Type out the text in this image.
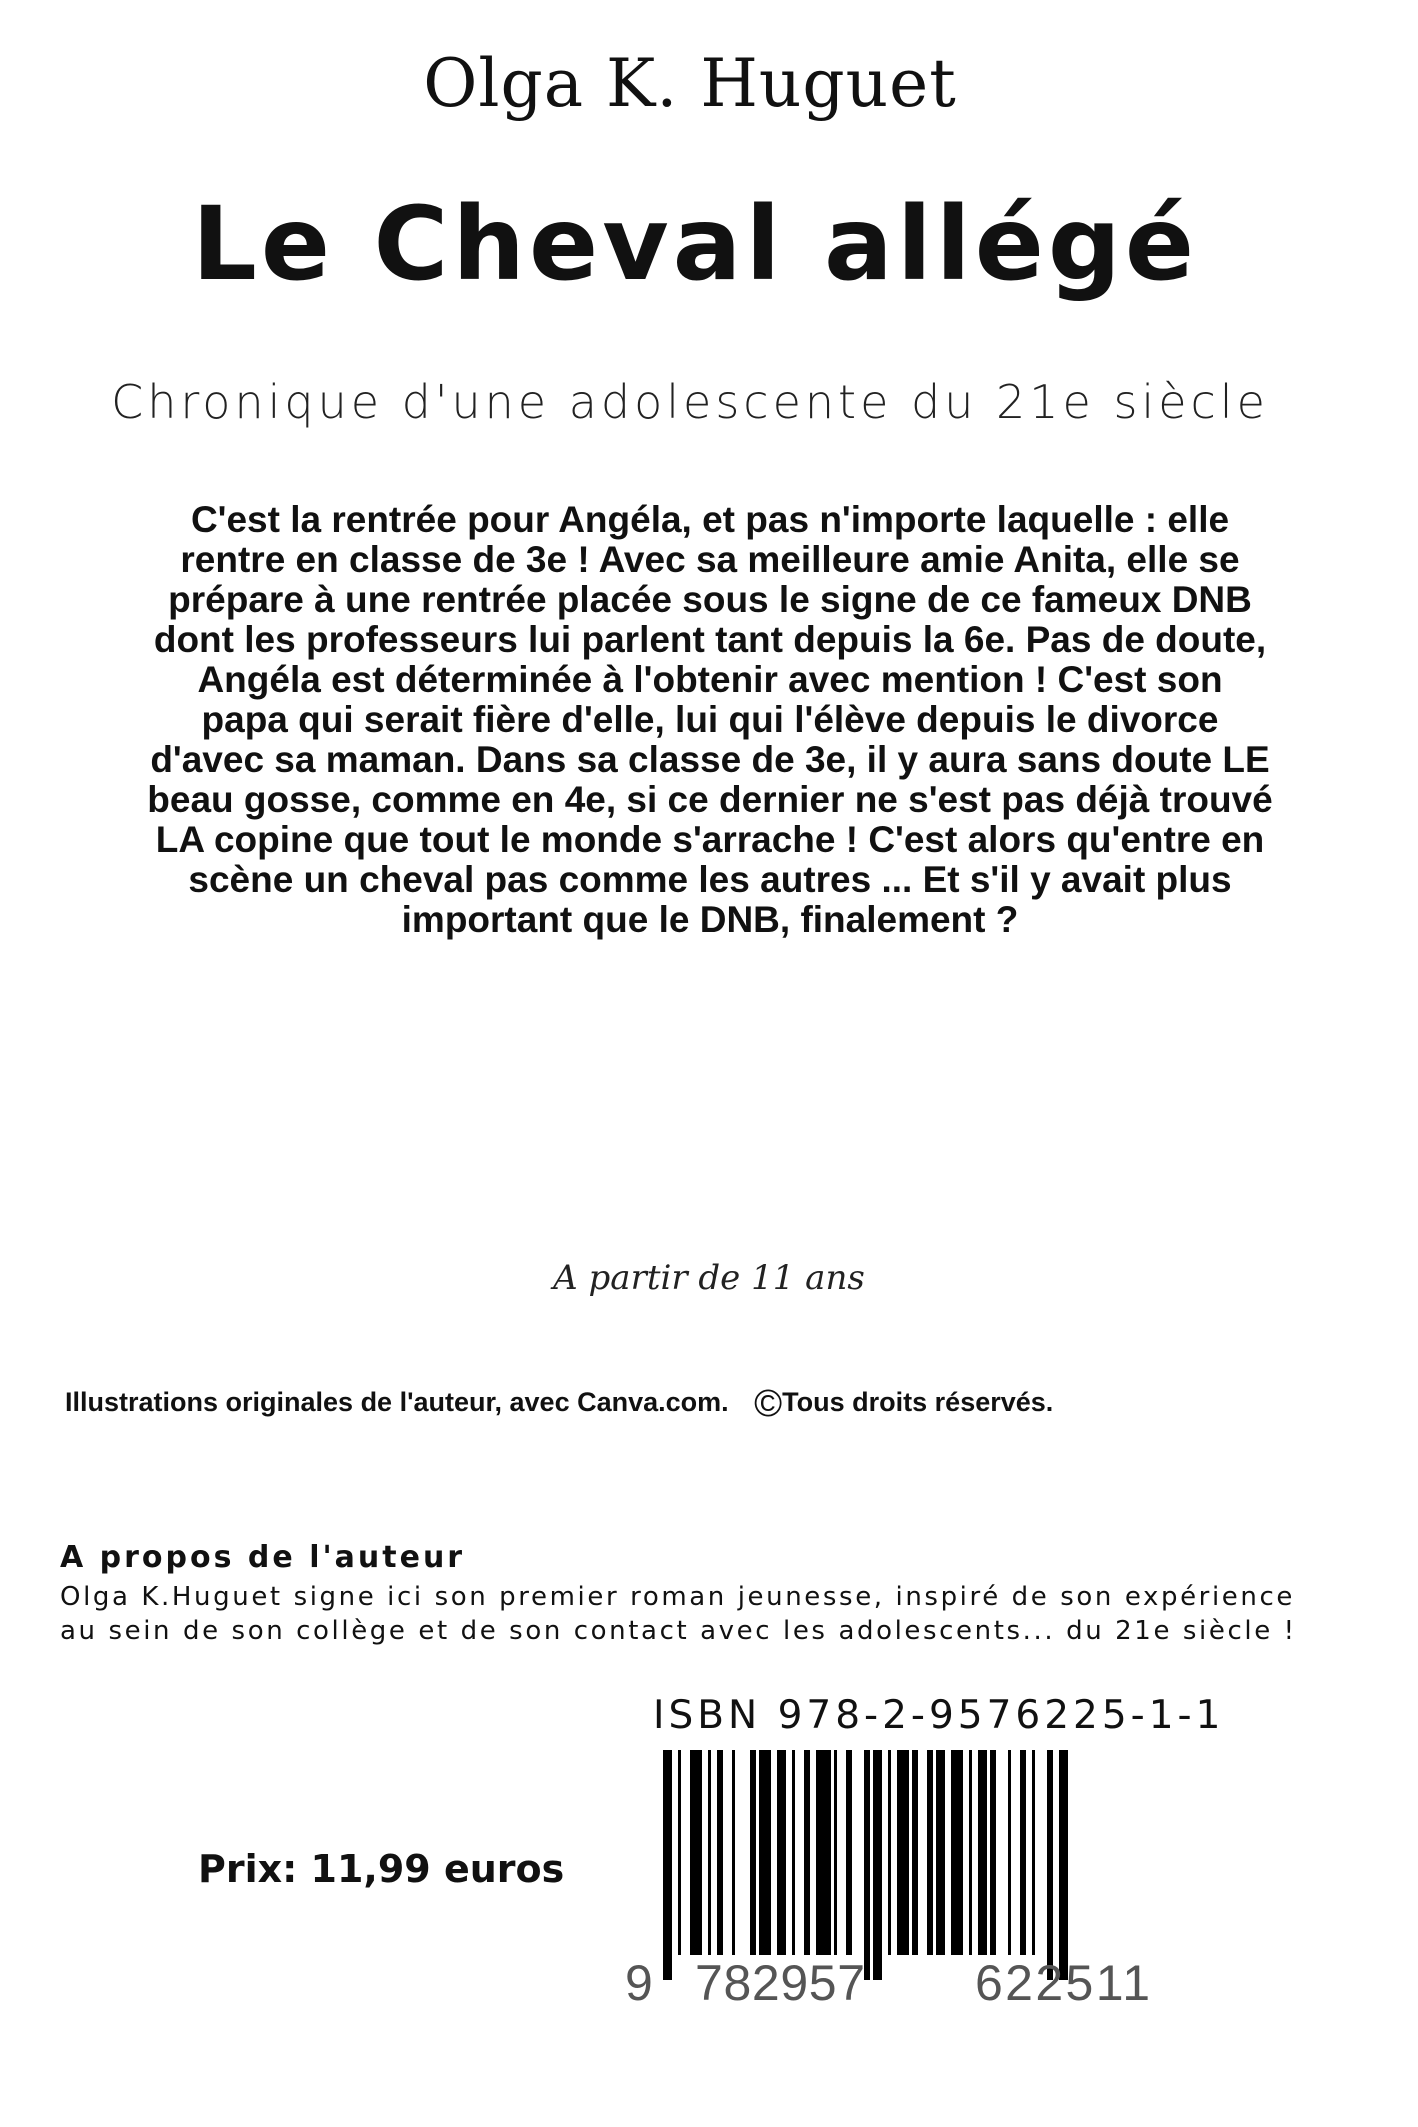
Olga K. Huguet
Le Cheval allégé
Chronique d'une adolescente du 21e siècle
C'est la rentrée pour Angéla, et pas n'importe laquelle : elle
rentre en classe de 3e ! Avec sa meilleure amie Anita, elle se
prépare à une rentrée placée sous le signe de ce fameux DNB
dont les professeurs lui parlent tant depuis la 6e. Pas de doute,
Angéla est déterminée à l'obtenir avec mention ! C'est son
papa qui serait fière d'elle, lui qui l'élève depuis le divorce
d'avec sa maman. Dans sa classe de 3e, il y aura sans doute LE
beau gosse, comme en 4e, si ce dernier ne s'est pas déjà trouvé
LA copine que tout le monde s'arrache ! C'est alors qu'entre en
scène un cheval pas comme les autres ... Et s'il y avait plus
important que le DNB, finalement ?
A partir de 11 ans
Illustrations originales de l'auteur, avec Canva.com. ©Tous droits réservés.
A propos de l'auteur
Olga K.Huguet signe ici son premier roman jeunesse, inspiré de son expérience
au sein de son collège et de son contact avec les adolescents... du 21e siècle !
ISBN 978-2-9576225-1-1
Prix: 11,99 euros
9 782957 622511
